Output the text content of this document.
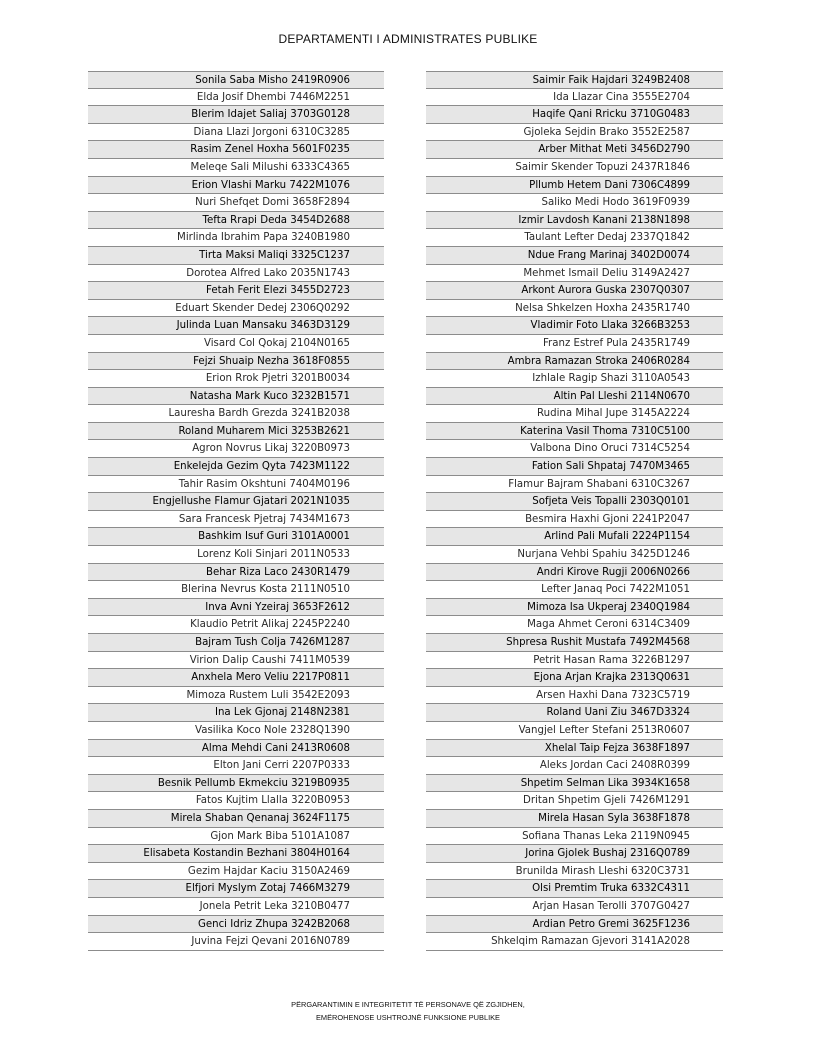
DEPARTAMENTI I ADMINISTRATES PUBLIKE
Sonila Saba Misho 2419R0906
Elda Josif Dhembi 7446M2251
Blerim Idajet Saliaj 3703G0128
Diana Llazi Jorgoni 6310C3285
Rasim Zenel Hoxha 5601F0235
Meleqe Sali Milushi 6333C4365
Erion Vlashi Marku 7422M1076
Nuri Shefqet Domi 3658F2894
Tefta Rrapi Deda 3454D2688
Mirlinda Ibrahim Papa 3240B1980
Tirta Maksi Maliqi 3325C1237
Dorotea Alfred Lako 2035N1743
Fetah Ferit Elezi 3455D2723
Eduart Skender Dedej 2306Q0292
Julinda Luan Mansaku 3463D3129
Visard Col Qokaj 2104N0165
Fejzi Shuaip Nezha 3618F0855
Erion Rrok Pjetri 3201B0034
Natasha Mark Kuco 3232B1571
Lauresha Bardh Grezda 3241B2038
Roland Muharem Mici 3253B2621
Agron Novrus Likaj 3220B0973
Enkelejda Gezim Qyta 7423M1122
Tahir Rasim Okshtuni 7404M0196
Engjellushe Flamur Gjatari 2021N1035
Sara Francesk Pjetraj 7434M1673
Bashkim Isuf Guri 3101A0001
Lorenz Koli Sinjari 2011N0533
Behar Riza Laco 2430R1479
Blerina Nevrus Kosta 2111N0510
Inva Avni Yzeiraj 3653F2612
Klaudio Petrit Alikaj 2245P2240
Bajram Tush Colja 7426M1287
Virion Dalip Caushi 7411M0539
Anxhela Mero Veliu 2217P0811
Mimoza Rustem Luli 3542E2093
Ina Lek Gjonaj 2148N2381
Vasilika Koco Nole 2328Q1390
Alma Mehdi Cani 2413R0608
Elton Jani Cerri 2207P0333
Besnik Pellumb Ekmekciu 3219B0935
Fatos Kujtim Llalla 3220B0953
Mirela Shaban Qenanaj 3624F1175
Gjon Mark Biba 5101A1087
Elisabeta Kostandin Bezhani 3804H0164
Gezim Hajdar Kaciu 3150A2469
Elfjori Myslym Zotaj 7466M3279
Jonela Petrit Leka 3210B0477
Genci Idriz Zhupa 3242B2068
Juvina Fejzi Qevani 2016N0789
Saimir Faik Hajdari 3249B2408
Ida Llazar Cina 3555E2704
Haqife Qani Rricku 3710G0483
Gjoleka Sejdin Brako 3552E2587
Arber Mithat Meti 3456D2790
Saimir Skender Topuzi 2437R1846
Pllumb Hetem Dani 7306C4899
Saliko Medi Hodo 3619F0939
Izmir Lavdosh Kanani 2138N1898
Taulant Lefter Dedaj 2337Q1842
Ndue Frang Marinaj 3402D0074
Mehmet Ismail Deliu 3149A2427
Arkont Aurora Guska 2307Q0307
Nelsa Shkelzen Hoxha 2435R1740
Vladimir Foto Llaka 3266B3253
Franz Estref Pula 2435R1749
Ambra Ramazan Stroka 2406R0284
Izhlale Ragip Shazi 3110A0543
Altin Pal Lleshi 2114N0670
Rudina Mihal Jupe 3145A2224
Katerina Vasil Thoma 7310C5100
Valbona Dino Oruci 7314C5254
Fation Sali Shpataj 7470M3465
Flamur Bajram Shabani 6310C3267
Sofjeta Veis Topalli 2303Q0101
Besmira Haxhi Gjoni 2241P2047
Arlind Pali Mufali 2224P1154
Nurjana Vehbi Spahiu 3425D1246
Andri Kirove Rugji 2006N0266
Lefter Janaq Poci 7422M1051
Mimoza Isa Ukperaj 2340Q1984
Maga Ahmet Ceroni 6314C3409
Shpresa Rushit Mustafa 7492M4568
Petrit Hasan Rama 3226B1297
Ejona Arjan Krajka 2313Q0631
Arsen Haxhi Dana 7323C5719
Roland Uani Ziu 3467D3324
Vangjel Lefter Stefani 2513R0607
Xhelal Taip Fejza 3638F1897
Aleks Jordan Caci 2408R0399
Shpetim Selman Lika 3934K1658
Dritan Shpetim Gjeli 7426M1291
Mirela Hasan Syla 3638F1878
Sofiana Thanas Leka 2119N0945
Jorina Gjolek Bushaj 2316Q0789
Brunilda Mirash Lleshi 6320C3731
Olsi Premtim Truka 6332C4311
Arjan Hasan Terolli 3707G0427
Ardian Petro Gremi 3625F1236
Shkelqim Ramazan Gjevori 3141A2028
PËRGARANTIMIN E INTEGRITETIT TË PERSONAVE QË ZGJIDHEN,
EMËROHENOSE USHTROJNË FUNKSIONE PUBLIKE
